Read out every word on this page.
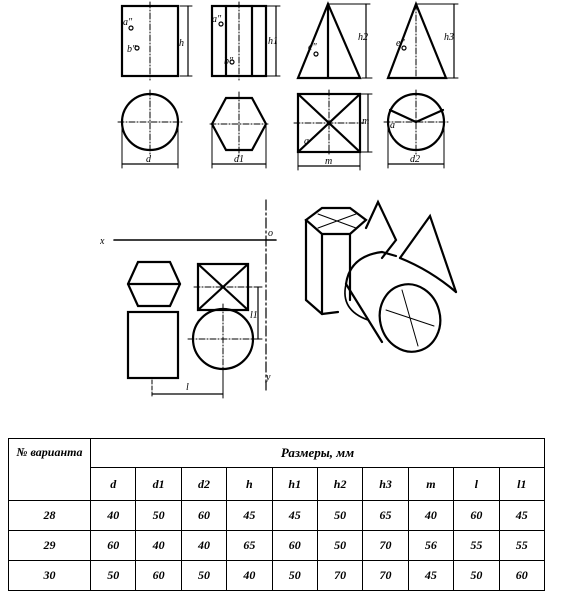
a"
b"
h
a"
b"
h1
c"
h2
e"
h3
d	d1
m
m
a
a
d2
x
o
l1
l
y
№ варианта	Размеры, мм									
	d	d1	d2	h	h1	h2	h3	m	l	l1
28	40	50	60	45	45	50	65	40	60	45
29	60	40	40	65	60	50	70	56	55	55
30	50	60	50	40	50	70	70	45	50	60
